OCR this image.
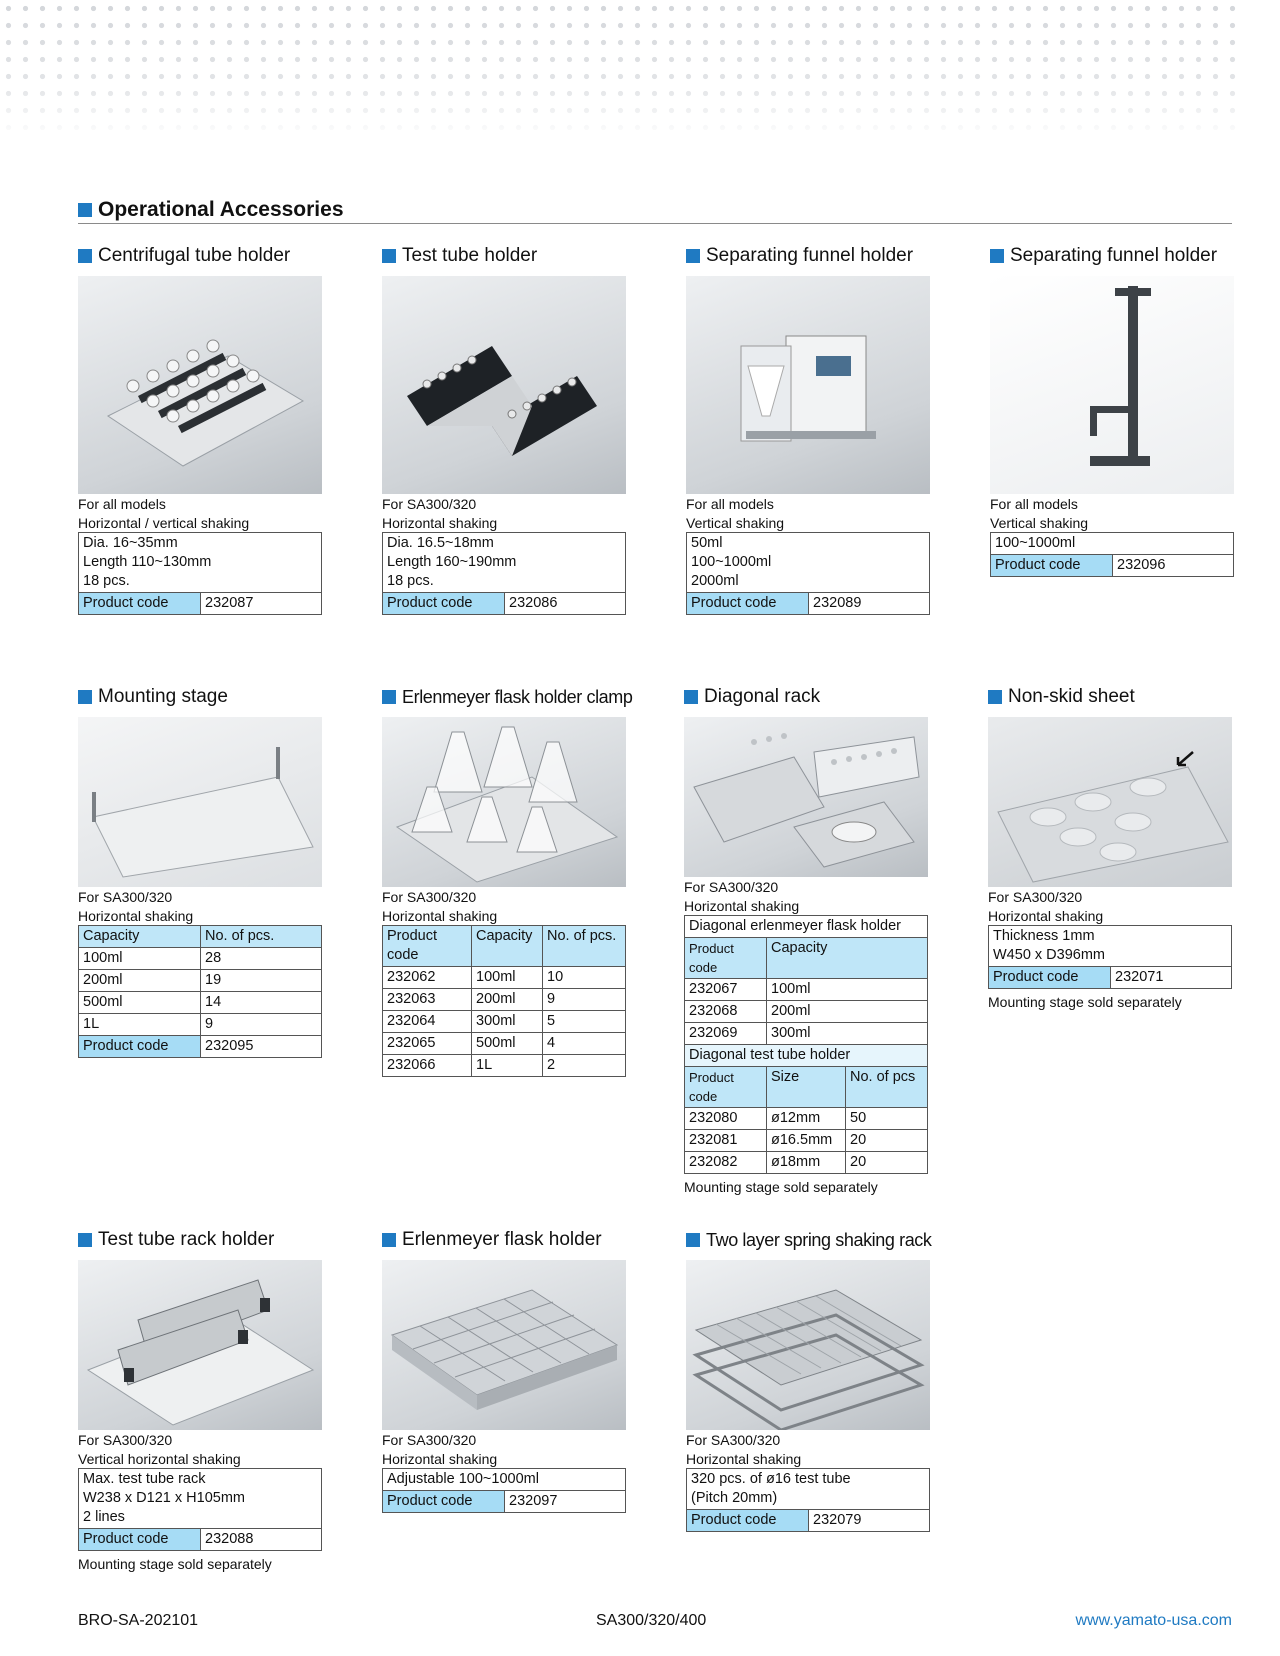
Operational Accessories
Centrifugal tube holder
For all models
Horizontal / vertical shaking
Dia. 16~35mm
Length 110~130mm
18 pcs.

Product code	232087
Test tube holder
For SA300/320
Horizontal shaking
Dia. 16.5~18mm
Length 160~190mm
18 pcs.

Product code	232086
Separating funnel holder
For all models
Vertical shaking
50ml
100~1000ml
2000ml

Product code	232089
Separating funnel holder
For all models
Vertical shaking
100~1000ml
Product code	232096
Mounting stage
For SA300/320
Horizontal shaking
Capacity	No. of pcs.
100ml	28
200ml	19
500ml	14
1L	9
Product code	232095
Erlenmeyer flask holder clamp
For SA300/320
Horizontal shaking
Product code	Capacity	No. of pcs.
232062	100ml	10
232063	200ml	9
232064	300ml	5
232065	500ml	4
232066	1L	2
Diagonal rack
For SA300/320
Horizontal shaking
Diagonal erlenmeyer flask holder		
Product code	Capacity	
232067	100ml	
232068	200ml	
232069	300ml	
Diagonal test tube holder		
Product code	Size	No. of pcs
232080	ø12mm	50
232081	ø16.5mm	20
232082	ø18mm	20
Mounting stage sold separately
Non-skid sheet
For SA300/320
Horizontal shaking
Thickness 1mm
W450 x D396mm

Product code	232071
Mounting stage sold separately
Test tube rack holder
For SA300/320
Vertical horizontal shaking
Max. test tube rack
W238 x D121 x H105mm
2 lines

Product code	232088
Mounting stage sold separately
Erlenmeyer flask holder
For SA300/320
Horizontal shaking
Adjustable 100~1000ml
Product code	232097
Two layer spring shaking rack
For SA300/320
Horizontal shaking
320 pcs. of ø16 test tube
(Pitch 20mm)

Product code	232079
BRO-SA-202101	SA300/320/400	www.yamato-usa.com
